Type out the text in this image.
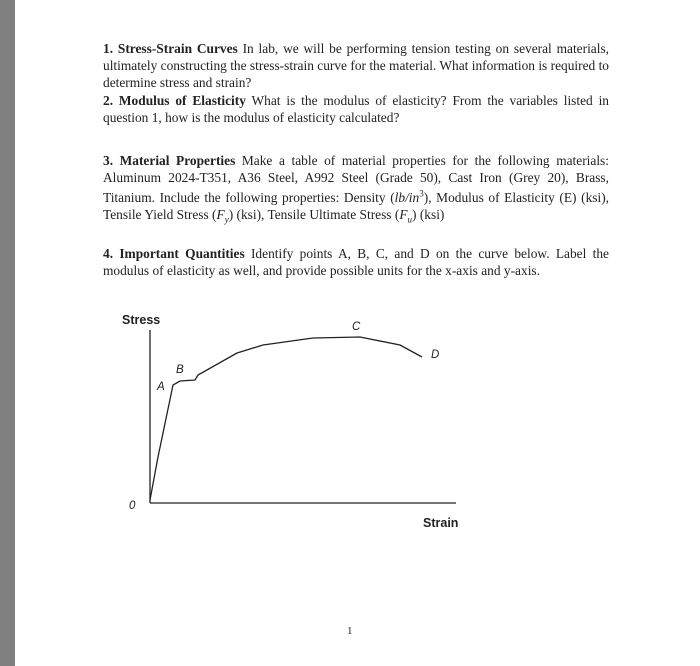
1. Stress-Strain Curves In lab, we will be performing tension testing on several materials, ultimately constructing the stress-strain curve for the material. What information is required to determine stress and strain?
2. Modulus of Elasticity What is the modulus of elasticity? From the variables listed in question 1, how is the modulus of elasticity calculated?
3. Material Properties Make a table of material properties for the following materials: Aluminum 2024-T351, A36 Steel, A992 Steel (Grade 50), Cast Iron (Grey 20), Brass, Titanium. Include the following properties: Density $(lb/in^3)$, Modulus of Elasticity (E) (ksi), Tensile Yield Stress $(F_y)$ (ksi), Tensile Ultimate Stress $(F_u)$ (ksi)
4. Important Quantities Identify points A, B, C, and D on the curve below. Label the modulus of elasticity as well, and provide possible units for the x-axis and y-axis.
Stress
Strain
0
A
B
C
D
1
